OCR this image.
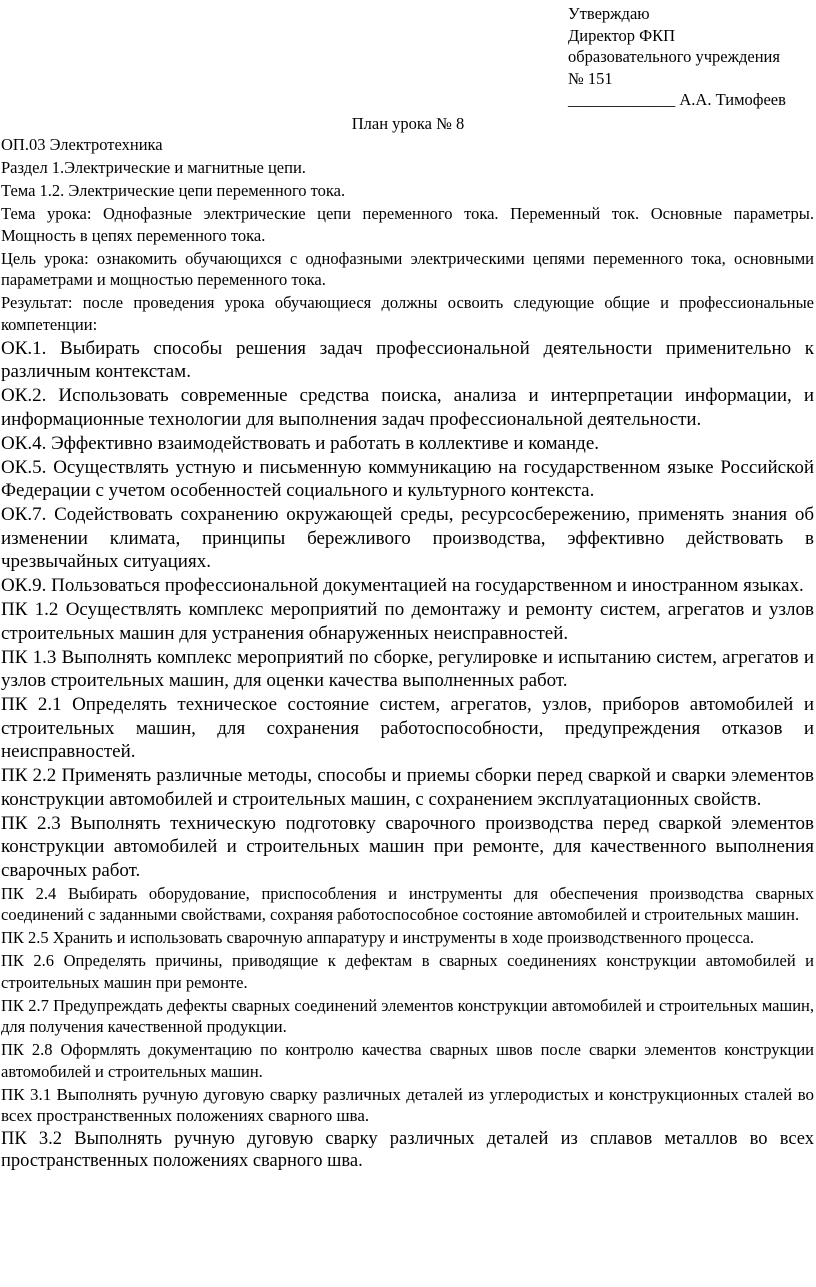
Утверждаю
Директор ФКП
образовательного учреждения
№ 151
_____________ А.А. Тимофеев
План урока № 8

ОП.03 Электротехника

Раздел 1.Электрические и магнитные цепи.

Тема 1.2. Электрические цепи переменного тока.

Тема урока: Однофазные электрические цепи переменного тока. Переменный ток. Основные параметры. Мощность в цепях переменного тока.

Цель урока: ознакомить обучающихся с однофазными электрическими цепями переменного тока, основными параметрами и мощностью переменного тока.

Результат: после проведения урока обучающиеся должны освоить следующие общие и профессиональные компетенции:

ОК.1. Выбирать способы решения задач профессиональной деятельности применительно к различным контекстам.

ОК.2. Использовать современные средства поиска, анализа и интерпретации информации, и информационные технологии для выполнения задач профессиональной деятельности.

ОК.4. Эффективно взаимодействовать и работать в коллективе и команде.

ОК.5. Осуществлять устную и письменную коммуникацию на государственном языке Российской Федерации с учетом особенностей социального и культурного контекста.

ОК.7. Содействовать сохранению окружающей среды, ресурсосбережению, применять знания об изменении климата, принципы бережливого производства, эффективно действовать в чрезвычайных ситуациях.

ОК.9. Пользоваться профессиональной документацией на государственном и иностранном языках.

ПК 1.2 Осуществлять комплекс мероприятий по демонтажу и ремонту систем, агрегатов и узлов строительных машин для устранения обнаруженных неисправностей.

ПК 1.3 Выполнять комплекс мероприятий по сборке, регулировке и испытанию систем, агрегатов и узлов строительных машин, для оценки качества выполненных работ.

ПК 2.1 Определять техническое состояние систем, агрегатов, узлов, приборов автомобилей и строительных машин, для сохранения работоспособности, предупреждения отказов и неисправностей.

ПК 2.2 Применять различные методы, способы и приемы сборки перед сваркой и сварки элементов конструкции автомобилей и строительных машин, с сохранением эксплуатационных свойств.

ПК 2.3 Выполнять техническую подготовку сварочного производства перед сваркой элементов конструкции автомобилей и строительных машин при ремонте, для качественного выполнения сварочных работ.

ПК 2.4 Выбирать оборудование, приспособления и инструменты для обеспечения производства сварных соединений с заданными свойствами, сохраняя работоспособное состояние автомобилей и строительных машин.

ПК 2.5 Хранить и использовать сварочную аппаратуру и инструменты в ходе производственного процесса.

ПК 2.6 Определять причины, приводящие к дефектам в сварных соединениях конструкции автомобилей и строительных машин при ремонте.

ПК 2.7 Предупреждать дефекты сварных соединений элементов конструкции автомобилей и строительных машин, для получения качественной продукции.

ПК 2.8 Оформлять документацию по контролю качества сварных швов после сварки элементов конструкции автомобилей и строительных машин.

ПК 3.1 Выполнять ручную дуговую сварку различных деталей из углеродистых и конструкционных сталей во всех пространственных положениях сварного шва.

ПК 3.2 Выполнять ручную дуговую сварку различных деталей из сплавов металлов во всех пространственных положениях сварного шва.
